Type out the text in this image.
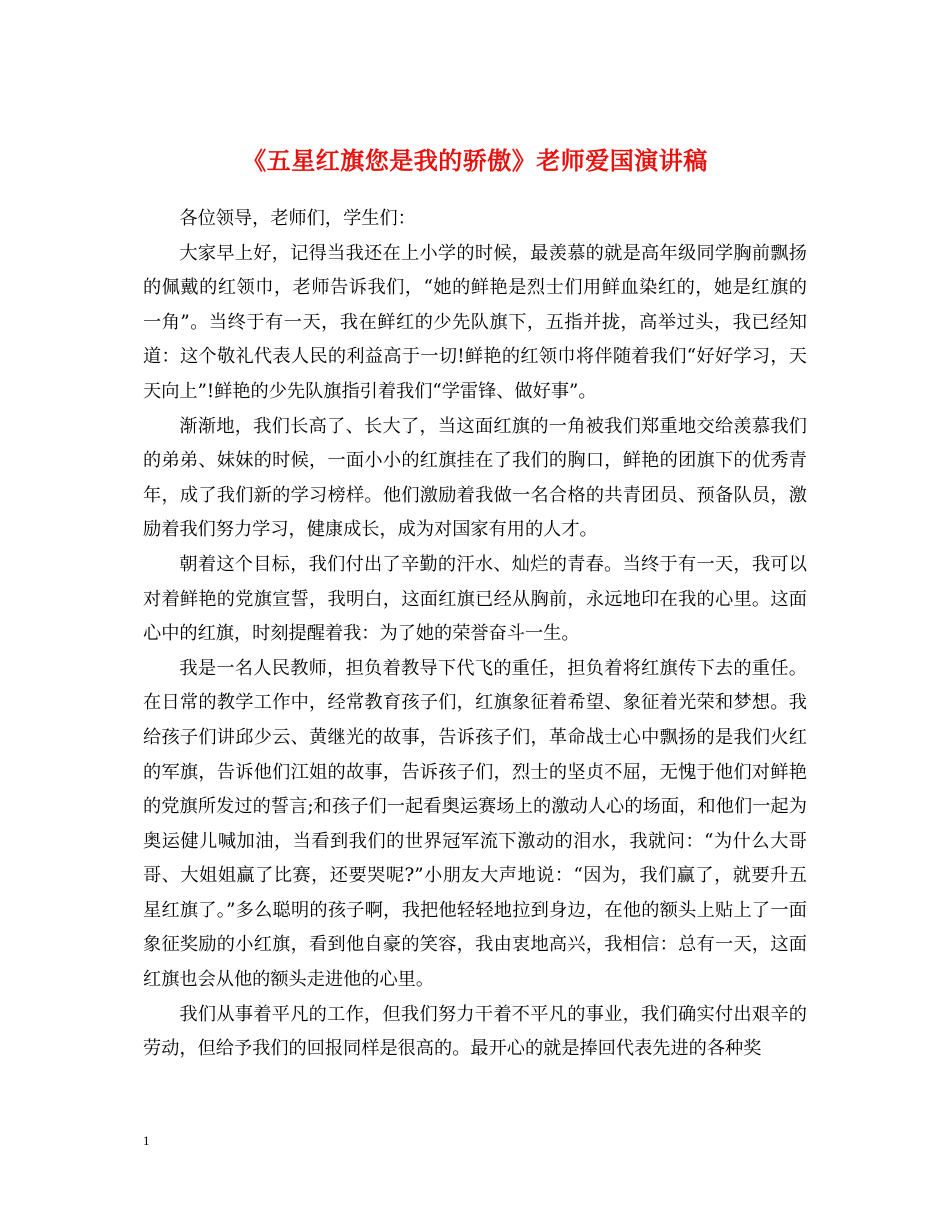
《五星红旗您是我的骄傲》老师爱国演讲稿

各位领导，老师们，学生们：

大家早上好，记得当我还在上小学的时候，最羡慕的就是高年级同学胸前飘扬的佩戴的红领巾，老师告诉我们，“她的鲜艳是烈士们用鲜血染红的，她是红旗的一角”。当终于有一天，我在鲜红的少先队旗下，五指并拢，高举过头，我已经知道：这个敬礼代表人民的利益高于一切!鲜艳的红领巾将伴随着我们“好好学习，天天向上”!鲜艳的少先队旗指引着我们“学雷锋、做好事”。

渐渐地，我们长高了、长大了，当这面红旗的一角被我们郑重地交给羡慕我们的弟弟、妹妹的时候，一面小小的红旗挂在了我们的胸口，鲜艳的团旗下的优秀青年，成了我们新的学习榜样。他们激励着我做一名合格的共青团员、预备队员，激励着我们努力学习，健康成长，成为对国家有用的人才。

朝着这个目标，我们付出了辛勤的汗水、灿烂的青春。当终于有一天，我可以对着鲜艳的党旗宣誓，我明白，这面红旗已经从胸前，永远地印在我的心里。这面心中的红旗，时刻提醒着我：为了她的荣誉奋斗一生。

我是一名人民教师，担负着教导下代飞的重任，担负着将红旗传下去的重任。在日常的教学工作中，经常教育孩子们，红旗象征着希望、象征着光荣和梦想。我给孩子们讲邱少云、黄继光的故事，告诉孩子们，革命战士心中飘扬的是我们火红的军旗，告诉他们江姐的故事，告诉孩子们，烈士的坚贞不屈，无愧于他们对鲜艳的党旗所发过的誓言;和孩子们一起看奥运赛场上的激动人心的场面，和他们一起为奥运健儿喊加油，当看到我们的世界冠军流下激动的泪水，我就问：“为什么大哥哥、大姐姐赢了比赛，还要哭呢?”小朋友大声地说：“因为，我们赢了，就要升五星红旗了。”多么聪明的孩子啊，我把他轻轻地拉到身边，在他的额头上贴上了一面象征奖励的小红旗，看到他自豪的笑容，我由衷地高兴，我相信：总有一天，这面红旗也会从他的额头走进他的心里。

我们从事着平凡的工作，但我们努力干着不平凡的事业，我们确实付出艰辛的劳动，但给予我们的回报同样是很高的。最开心的就是捧回代表先进的各种奖

1
